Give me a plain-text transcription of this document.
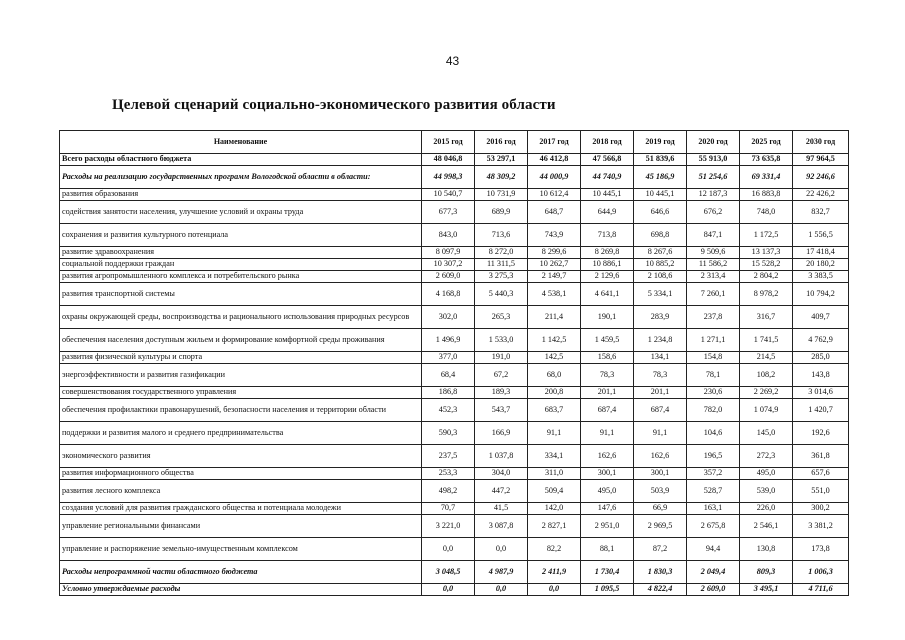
43
Целевой сценарий социально-экономического развития области
Наименование	2015 год	2016 год	2017 год	2018 год	2019 год	2020 год	2025 год	2030 год
Всего расходы областного бюджета	48 046,8	53 297,1	46 412,8	47 566,8	51 839,6	55 913,0	73 635,8	97 964,5
Расходы на реализацию государственных программ Вологодской области в области:	44 998,3	48 309,2	44 000,9	44 740,9	45 186,9	51 254,6	69 331,4	92 246,6
развития образования	10 540,7	10 731,9	10 612,4	10 445,1	10 445,1	12 187,3	16 883,8	22 426,2
содействия занятости населения, улучшение условий и охраны труда	677,3	689,9	648,7	644,9	646,6	676,2	748,0	832,7
сохранения и развития культурного потенциала	843,0	713,6	743,9	713,8	698,8	847,1	1 172,5	1 556,5
развитие здравоохранения	8 097,9	8 272,0	8 299,6	8 269,8	8 267,6	9 509,6	13 137,3	17 418,4
социальной поддержки граждан	10 307,2	11 311,5	10 262,7	10 886,1	10 885,2	11 586,2	15 528,2	20 180,2
развития агропромышленного комплекса и потребительского рынка	2 609,0	3 275,3	2 149,7	2 129,6	2 108,6	2 313,4	2 804,2	3 383,5
развития транспортной системы	4 168,8	5 440,3	4 538,1	4 641,1	5 334,1	7 260,1	8 978,2	10 794,2
охраны окружающей среды, воспроизводства и рационального использования природных ресурсов	302,0	265,3	211,4	190,1	283,9	237,8	316,7	409,7
обеспечения населения доступным жильем и формирование комфортной среды проживания	1 496,9	1 533,0	1 142,5	1 459,5	1 234,8	1 271,1	1 741,5	4 762,9
развития физической культуры и спорта	377,0	191,0	142,5	158,6	134,1	154,8	214,5	285,0
энергоэффективности и развития газификации	68,4	67,2	68,0	78,3	78,3	78,1	108,2	143,8
совершенствования государственного управления	186,8	189,3	200,8	201,1	201,1	230,6	2 269,2	3 014,6
обеспечения профилактики правонарушений, безопасности населения и территории области	452,3	543,7	683,7	687,4	687,4	782,0	1 074,9	1 420,7
поддержки и развития малого и среднего предпринимательства	590,3	166,9	91,1	91,1	91,1	104,6	145,0	192,6
экономического развития	237,5	1 037,8	334,1	162,6	162,6	196,5	272,3	361,8
развития информационного общества	253,3	304,0	311,0	300,1	300,1	357,2	495,0	657,6
развития лесного комплекса	498,2	447,2	509,4	495,0	503,9	528,7	539,0	551,0
создания условий для развития гражданского общества и потенциала молодежи	70,7	41,5	142,0	147,6	66,9	163,1	226,0	300,2
управление региональными финансами	3 221,0	3 087,8	2 827,1	2 951,0	2 969,5	2 675,8	2 546,1	3 381,2
управление и распоряжение земельно-имущественным комплексом	0,0	0,0	82,2	88,1	87,2	94,4	130,8	173,8
Расходы непрограммной части областного бюджета	3 048,5	4 987,9	2 411,9	1 730,4	1 830,3	2 049,4	809,3	1 006,3
Условно утверждаемые расходы	0,0	0,0	0,0	1 095,5	4 822,4	2 609,0	3 495,1	4 711,6
